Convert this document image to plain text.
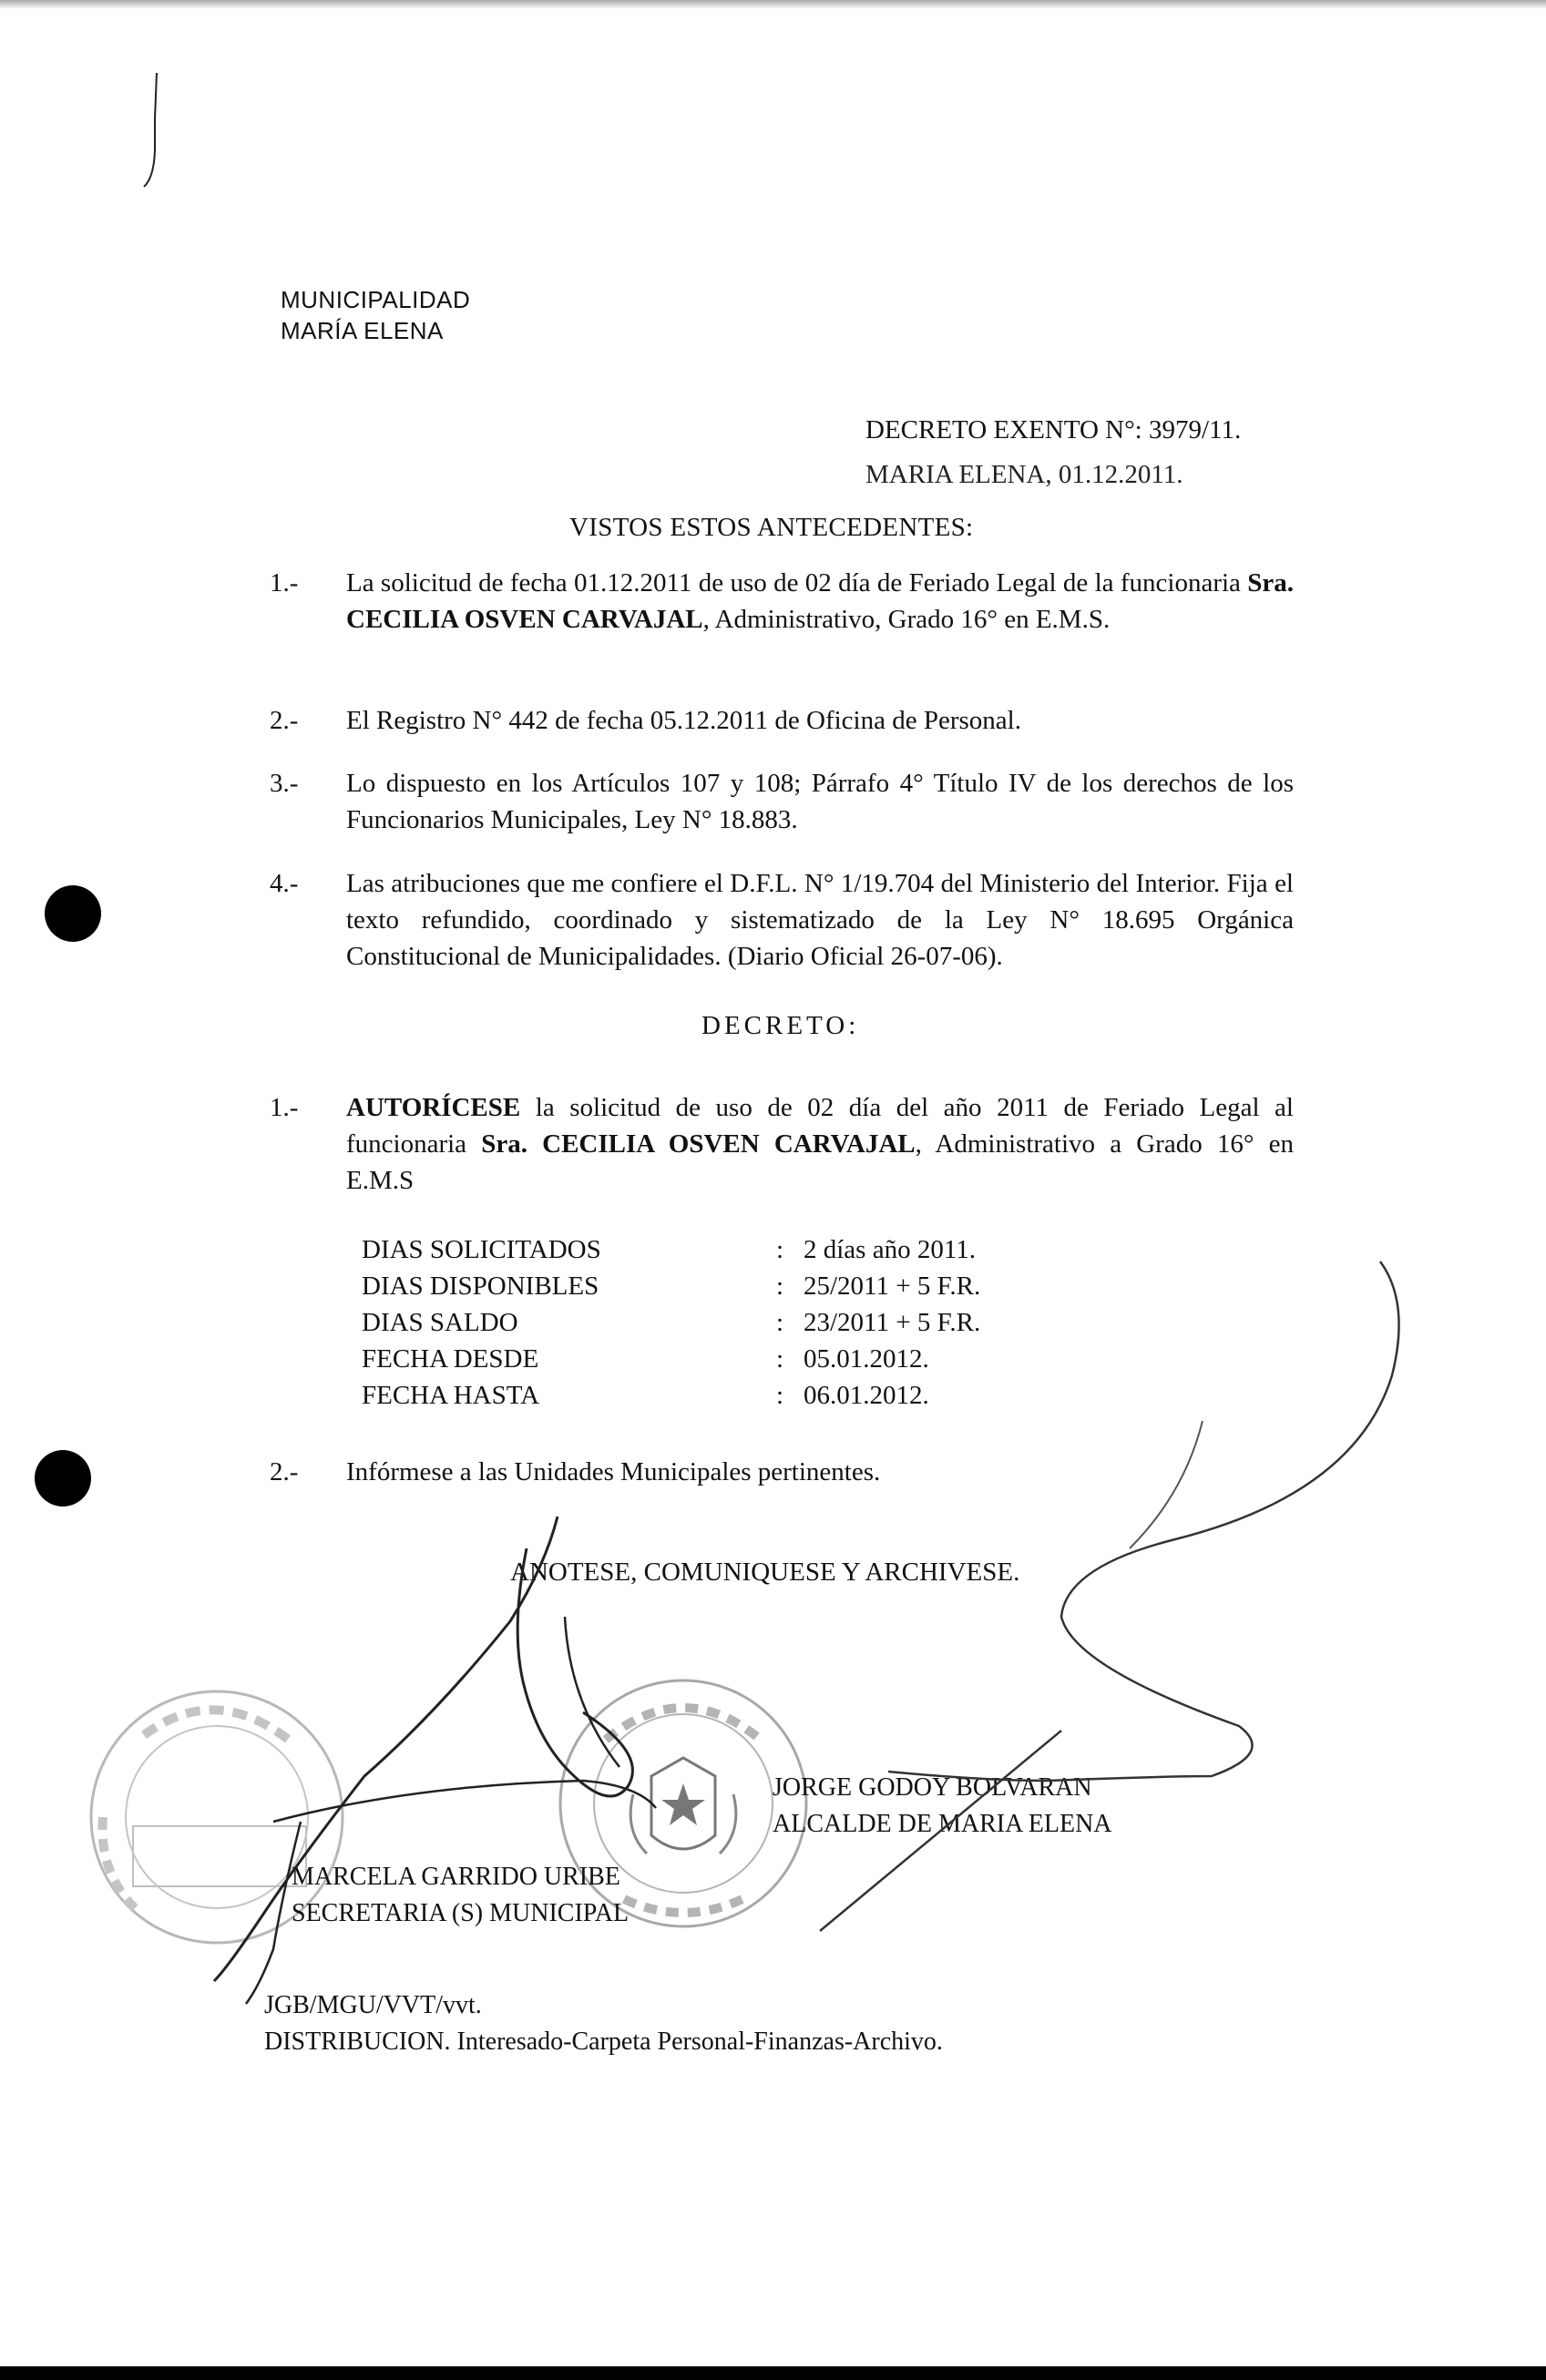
MUNICIPALIDAD
MARÍA ELENA
DECRETO EXENTO N°: 3979/11.
MARIA ELENA, 01.12.2011.
VISTOS ESTOS ANTECEDENTES:
1.-	La solicitud de fecha 01.12.2011 de uso de 02 día de Feriado Legal de la funcionaria Sra. CECILIA OSVEN CARVAJAL, Administrativo, Grado 16° en E.M.S.
2.-	El Registro N° 442 de fecha 05.12.2011 de Oficina de Personal.
3.-	Lo dispuesto en los Artículos 107 y 108; Párrafo 4° Título IV de los derechos de los Funcionarios Municipales, Ley N° 18.883.
4.-	Las atribuciones que me confiere el D.F.L. N° 1/19.704 del Ministerio del Interior. Fija el texto refundido, coordinado y sistematizado de la Ley N° 18.695 Orgánica Constitucional de Municipalidades. (Diario Oficial 26-07-06).
DECRETO:
1.-	AUTORÍCESE la solicitud de uso de 02 día del año 2011 de Feriado Legal al funcionaria Sra. CECILIA OSVEN CARVAJAL, Administrativo a Grado 16° en E.M.S
DIAS SOLICITADOS	: 2 días año 2011.
DIAS DISPONIBLES	: 25/2011 + 5 F.R.
DIAS SALDO	: 23/2011 + 5 F.R.
FECHA DESDE	: 05.01.2012.
FECHA HASTA	: 06.01.2012.
2.-	Infórmese a las Unidades Municipales pertinentes.
ANOTESE, COMUNIQUESE Y ARCHIVESE.
JORGE GODOY BOLVARAN
ALCALDE DE MARIA ELENA
MARCELA GARRIDO URIBE
SECRETARIA (S) MUNICIPAL
JGB/MGU/VVT/vvt.
DISTRIBUCION. Interesado-Carpeta Personal-Finanzas-Archivo.
